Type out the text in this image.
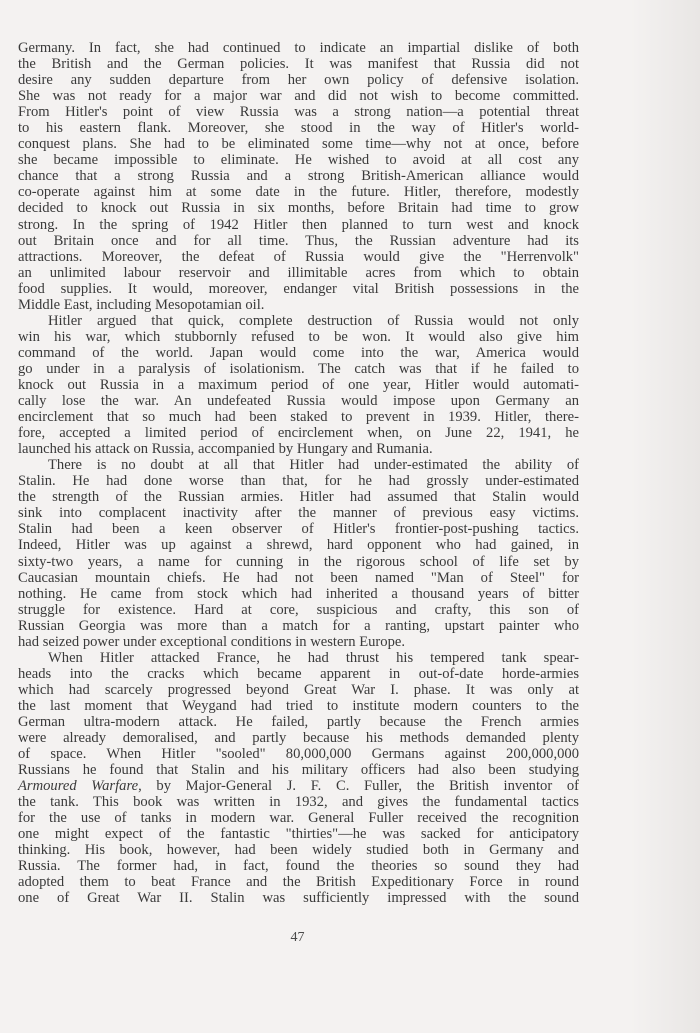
Germany. In fact, she had continued to indicate an impartial dislike of both
the British and the German policies. It was manifest that Russia did not
desire any sudden departure from her own policy of defensive isolation.
She was not ready for a major war and did not wish to become committed.
From Hitler's point of view Russia was a strong nation—a potential threat
to his eastern flank. Moreover, she stood in the way of Hitler's world-
conquest plans. She had to be eliminated some time—why not at once, before
she became impossible to eliminate. He wished to avoid at all cost any
chance that a strong Russia and a strong British-American alliance would
co-operate against him at some date in the future. Hitler, therefore, modestly
decided to knock out Russia in six months, before Britain had time to grow
strong. In the spring of 1942 Hitler then planned to turn west and knock
out Britain once and for all time. Thus, the Russian adventure had its
attractions. Moreover, the defeat of Russia would give the "Herrenvolk"
an unlimited labour reservoir and illimitable acres from which to obtain
food supplies. It would, moreover, endanger vital British possessions in the
Middle East, including Mesopotamian oil.
Hitler argued that quick, complete destruction of Russia would not only
win his war, which stubbornly refused to be won. It would also give him
command of the world. Japan would come into the war, America would
go under in a paralysis of isolationism. The catch was that if he failed to
knock out Russia in a maximum period of one year, Hitler would automati-
cally lose the war. An undefeated Russia would impose upon Germany an
encirclement that so much had been staked to prevent in 1939. Hitler, there-
fore, accepted a limited period of encirclement when, on June 22, 1941, he
launched his attack on Russia, accompanied by Hungary and Rumania.
There is no doubt at all that Hitler had under-estimated the ability of
Stalin. He had done worse than that, for he had grossly under-estimated
the strength of the Russian armies. Hitler had assumed that Stalin would
sink into complacent inactivity after the manner of previous easy victims.
Stalin had been a keen observer of Hitler's frontier-post-pushing tactics.
Indeed, Hitler was up against a shrewd, hard opponent who had gained, in
sixty-two years, a name for cunning in the rigorous school of life set by
Caucasian mountain chiefs. He had not been named "Man of Steel" for
nothing. He came from stock which had inherited a thousand years of bitter
struggle for existence. Hard at core, suspicious and crafty, this son of
Russian Georgia was more than a match for a ranting, upstart painter who
had seized power under exceptional conditions in western Europe.
When Hitler attacked France, he had thrust his tempered tank spear-
heads into the cracks which became apparent in out-of-date horde-armies
which had scarcely progressed beyond Great War I. phase. It was only at
the last moment that Weygand had tried to institute modern counters to the
German ultra-modern attack. He failed, partly because the French armies
were already demoralised, and partly because his methods demanded plenty
of space. When Hitler "sooled" 80,000,000 Germans against 200,000,000
Russians he found that Stalin and his military officers had also been studying
Armoured Warfare, by Major-General J. F. C. Fuller, the British inventor of
the tank. This book was written in 1932, and gives the fundamental tactics
for the use of tanks in modern war. General Fuller received the recognition
one might expect of the fantastic "thirties"—he was sacked for anticipatory
thinking. His book, however, had been widely studied both in Germany and
Russia. The former had, in fact, found the theories so sound they had
adopted them to beat France and the British Expeditionary Force in round
one of Great War II. Stalin was sufficiently impressed with the sound
47
